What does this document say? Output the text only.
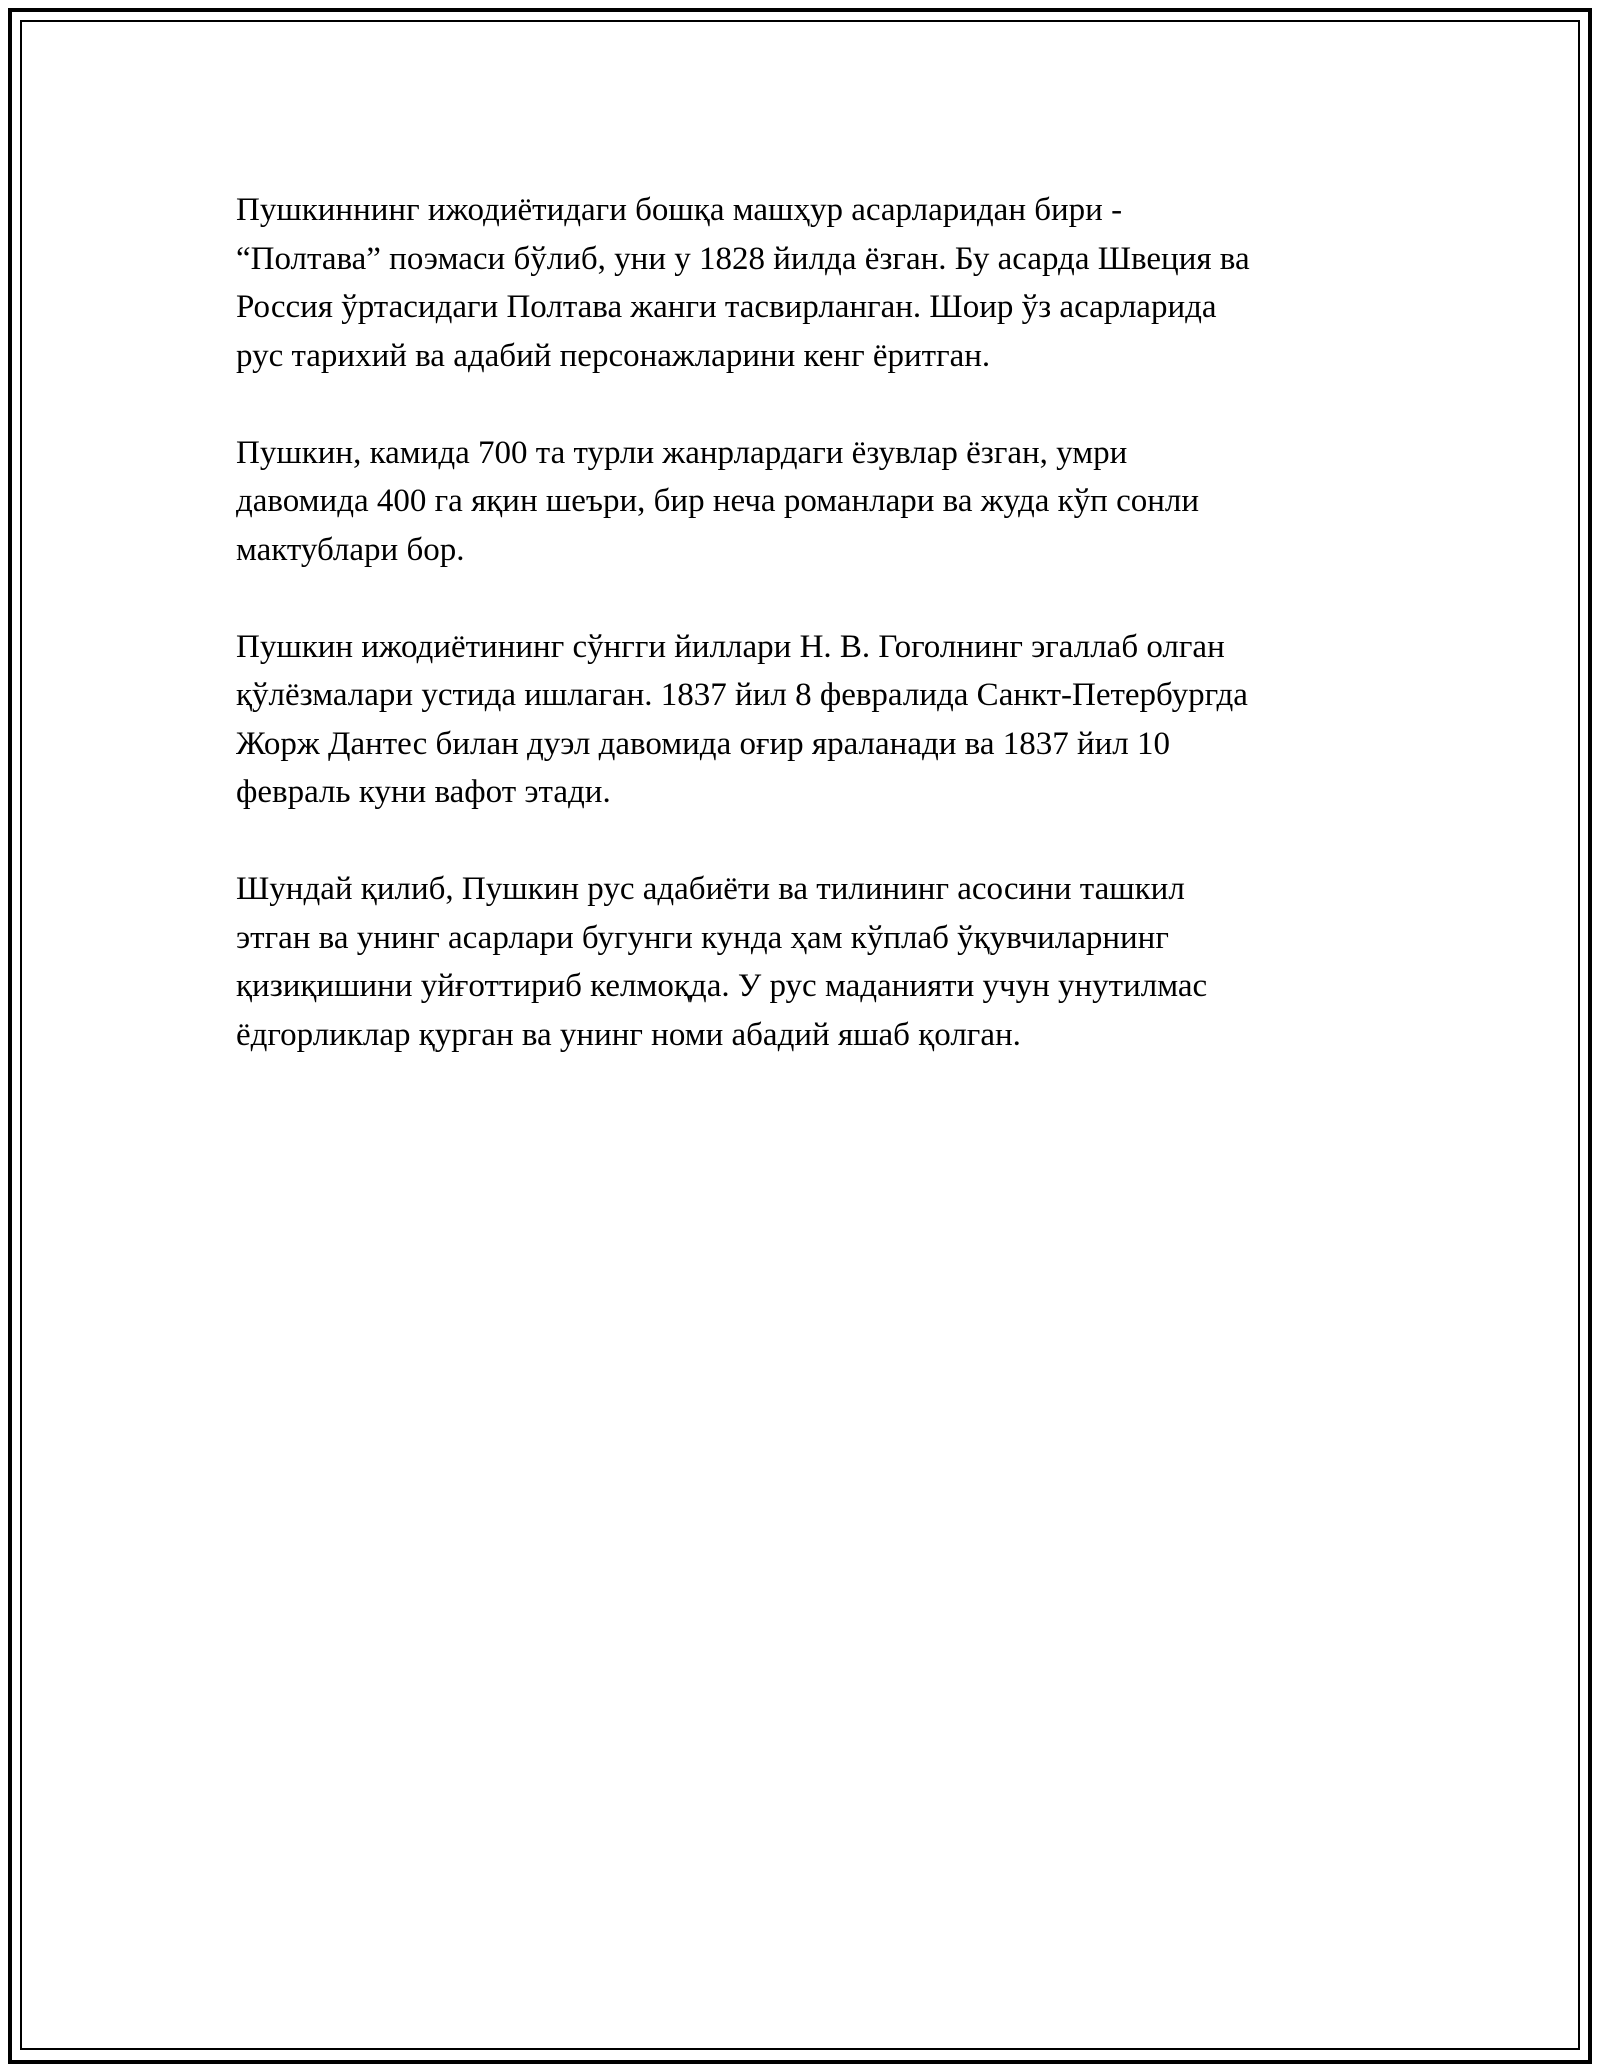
Пушкиннинг ижодиётидаги бошқа машҳур асарларидан бири -
“Полтава” поэмаси бўлиб, уни у 1828 йилда ёзган. Бу асарда Швеция ва
Россия ўртасидаги Полтава жанги тасвирланган. Шоир ўз асарларида
рус тарихий ва адабий персонажларини кенг ёритган.

Пушкин, камида 700 та турли жанрлардаги ёзувлар ёзган, умри
давомида 400 га яқин шеъри, бир неча романлари ва жуда кўп сонли
мактублари бор.

Пушкин ижодиётининг сўнгги йиллари Н. В. Гоголнинг эгаллаб олган
қўлёзмалари устида ишлаган. 1837 йил 8 февралида Санкт-Петербургда
Жорж Дантес билан дуэл давомида оғир яраланади ва 1837 йил 10
февраль куни вафот этади.

Шундай қилиб, Пушкин рус адабиёти ва тилининг асосини ташкил
этган ва унинг асарлари бугунги кунда ҳам кўплаб ўқувчиларнинг
қизиқишини уйғоттириб келмоқда. У рус маданияти учун унутилмас
ёдгорликлар қурган ва унинг номи абадий яшаб қолган.
